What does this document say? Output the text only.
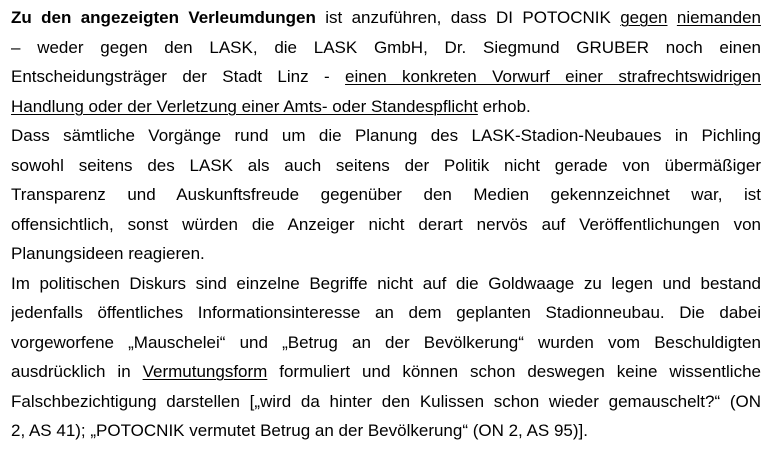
Zu den angezeigten Verleumdungen ist anzuführen, dass DI POTOCNIK gegen niemanden
– weder gegen den LASK, die LASK GmbH, Dr. Siegmund GRUBER noch einen
Entscheidungsträger der Stadt Linz - einen konkreten Vorwurf einer strafrechtswidrigen
Handlung oder der Verletzung einer Amts- oder Standespflicht erhob.
Dass sämtliche Vorgänge rund um die Planung des LASK-Stadion-Neubaues in Pichling
sowohl seitens des LASK als auch seitens der Politik nicht gerade von übermäßiger
Transparenz und Auskunftsfreude gegenüber den Medien gekennzeichnet war, ist
offensichtlich, sonst würden die Anzeiger nicht derart nervös auf Veröffentlichungen von
Planungsideen reagieren.
Im politischen Diskurs sind einzelne Begriffe nicht auf die Goldwaage zu legen und bestand
jedenfalls öffentliches Informationsinteresse an dem geplanten Stadionneubau. Die dabei
vorgeworfene „Mauschelei“ und „Betrug an der Bevölkerung“ wurden vom Beschuldigten
ausdrücklich in Vermutungsform formuliert und können schon deswegen keine wissentliche
Falschbezichtigung darstellen [„wird da hinter den Kulissen schon wieder gemauschelt?“ (ON
2, AS 41); „POTOCNIK vermutet Betrug an der Bevölkerung“ (ON 2, AS 95)].
